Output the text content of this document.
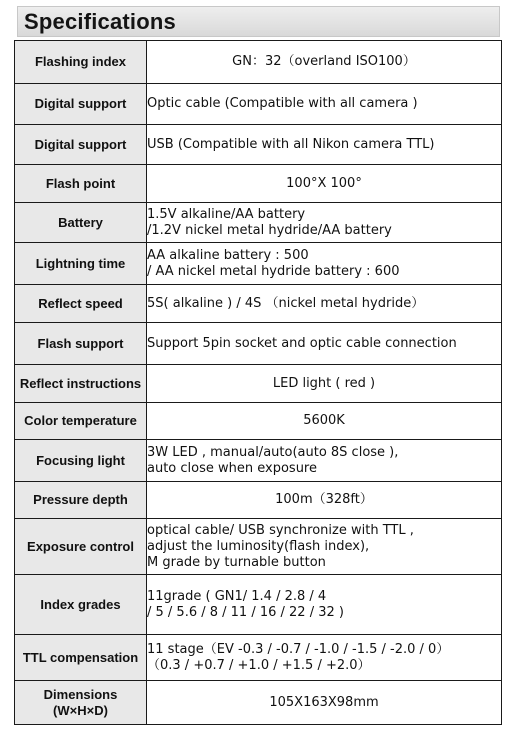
Specifications
Flashing index	GN：32（overland ISO100）

Digital support	Optic cable (Compatible with all camera )

Digital support	USB (Compatible with all Nikon camera TTL)

Flash point	100°X 100°

Battery	1.5V alkaline/AA battery
/1.2V nickel metal hydride/AA battery

Lightning time	AA alkaline battery : 500
/ AA nickel metal hydride battery : 600

Reflect speed	5S( alkaline ) / 4S （nickel metal hydride）

Flash support	Support 5pin socket and optic cable connection

Reflect instructions	LED light ( red )

Color temperature	5600K

Focusing light	3W LED , manual/auto(auto 8S close ),
auto close when exposure

Pressure depth	100m（328ft）

Exposure control	optical cable/ USB synchronize with TTL ,
adjust the luminosity(flash index),
M grade by turnable button

Index grades	11grade ( GN1/ 1.4 / 2.8 / 4
/ 5 / 5.6 / 8 / 11 / 16 / 22 / 32 )

TTL compensation	11 stage（EV -0.3 / -0.7 / -1.0 / -1.5 / -2.0 / 0）
（0.3 / +0.7 / +1.0 / +1.5 / +2.0）

Dimensions
(W×H×D)	105X163X98mm
